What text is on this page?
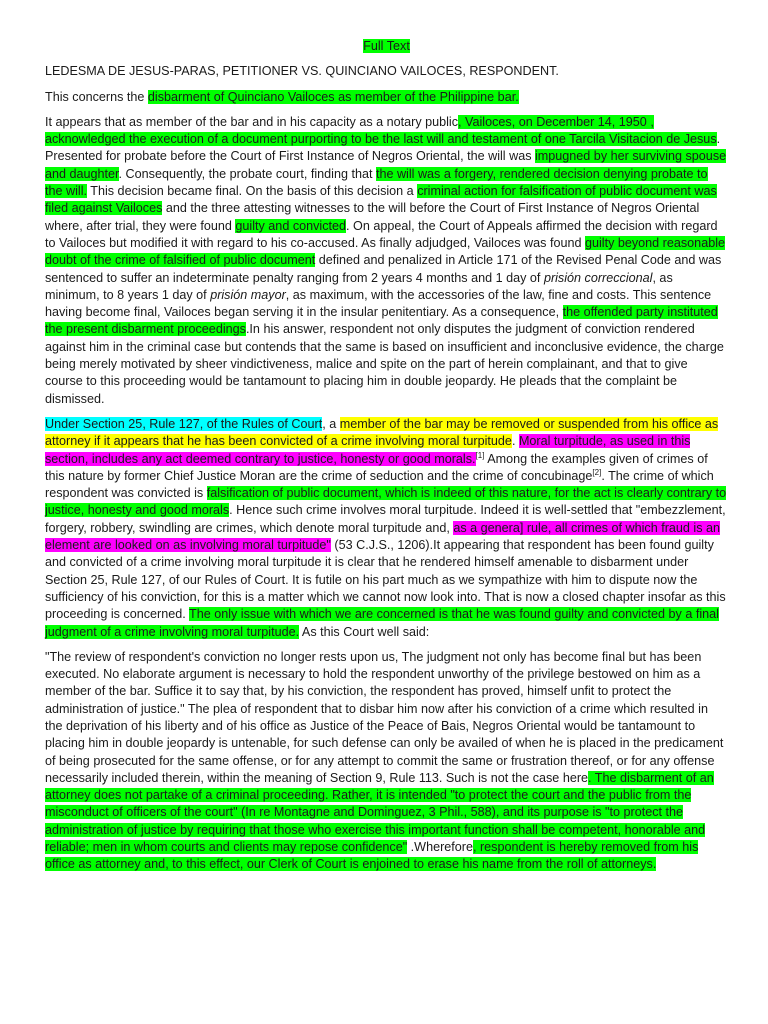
Full Text

LEDESMA DE JESUS-PARAS, PETITIONER VS. QUINCIANO VAILOCES, RESPONDENT.

This concerns the disbarment of Quinciano Vailoces as member of the Philippine bar.

It appears that as member of the bar and in his capacity as a notary public, Vailoces, on December 14, 1950 , acknowledged the execution of a document purporting to be the last will and testament of one Tarcila Visitacion de Jesus. Presented for probate before the Court of First Instance of Negros Oriental, the will was impugned by her surviving spouse and daughter. Consequently, the probate court, finding that the will was a forgery, rendered decision denying probate to the will. This decision became final. On the basis of this decision a criminal action for falsification of public document was filed against Vailoces and the three attesting witnesses to the will before the Court of First Instance of Negros Oriental where, after trial, they were found guilty and convicted. On appeal, the Court of Appeals affirmed the decision with regard to Vailoces but modified it with regard to his co-accused. As finally adjudged, Vailoces was found guilty beyond reasonable doubt of the crime of falsified of public document defined and penalized in Article 171 of the Revised Penal Code and was sentenced to suffer an indeterminate penalty ranging from 2 years 4 months and 1 day of prisión correccional, as minimum, to 8 years 1 day of prisión mayor, as maximum, with the accessories of the law, fine and costs. This sentence having become final, Vailoces began serving it in the insular penitentiary. As a consequence, the offended party instituted the present disbarment proceedings.In his answer, respondent not only disputes the judgment of conviction rendered against him in the criminal case but contends that the same is based on insufficient and inconclusive evidence, the charge being merely motivated by sheer vindictiveness, malice and spite on the part of herein complainant, and that to give course to this proceeding would be tantamount to placing him in double jeopardy. He pleads that the complaint be dismissed.

Under Section 25, Rule 127, of the Rules of Court, a member of the bar may be removed or suspended from his office as attorney if it appears that he has been convicted of a crime involving moral turpitude. Moral turpitude, as used in this section, includes any act deemed contrary to justice, honesty or good morals.[1] Among the examples given of crimes of this nature by former Chief Justice Moran are the crime of seduction and the crime of concubinage[2]. The crime of which respondent was convicted is falsification of public document, which is indeed of this nature, for the act is clearly contrary to justice, honesty and good morals. Hence such crime involves moral turpitude. Indeed it is well-settled that "embezzlement, forgery, robbery, swindling are crimes, which denote moral turpitude and, as a genera] rule, all crimes of which fraud is an element are looked on as involving moral turpitude" (53 C.J.S., 1206).It appearing that respondent has been found guilty and convicted of a crime involving moral turpitude it is clear that he rendered himself amenable to disbarment under Section 25, Rule 127, of our Rules of Court. It is futile on his part much as we sympathize with him to dispute now the sufficiency of his conviction, for this is a matter which we cannot now look into. That is now a closed chapter insofar as this proceeding is concerned. The only issue with which we are concerned is that he was found guilty and convicted by a final judgment of a crime involving moral turpitude. As this Court well said:

"The review of respondent's conviction no longer rests upon us, The judgment not only has become final but has been executed. No elaborate argument is necessary to hold the respondent unworthy of the privilege bestowed on him as a member of the bar. Suffice it to say that, by his conviction, the respondent has proved, himself unfit to protect the administration of justice." The plea of respondent that to disbar him now after his conviction of a crime which resulted in the deprivation of his liberty and of his office as Justice of the Peace of Bais, Negros Oriental would be tantamount to placing him in double jeopardy is untenable, for such defense can only be availed of when he is placed in the predicament of being prosecuted for the same offense, or for any attempt to commit the same or frustration thereof, or for any offense necessarily included therein, within the meaning of Section 9, Rule 113. Such is not the case here. The disbarment of an attorney does not partake of a criminal proceeding. Rather, it is intended "to protect the court and the public from the misconduct of officers of the court" (In re Montagne and Dominguez, 3 Phil., 588), and its purpose is "to protect the administration of justice by requiring that those who exercise this important function shall be competent, honorable and reliable; men in whom courts and clients may repose confidence" .Wherefore, respondent is hereby removed from his office as attorney and, to this effect, our Clerk of Court is enjoined to erase his name from the roll of attorneys.
